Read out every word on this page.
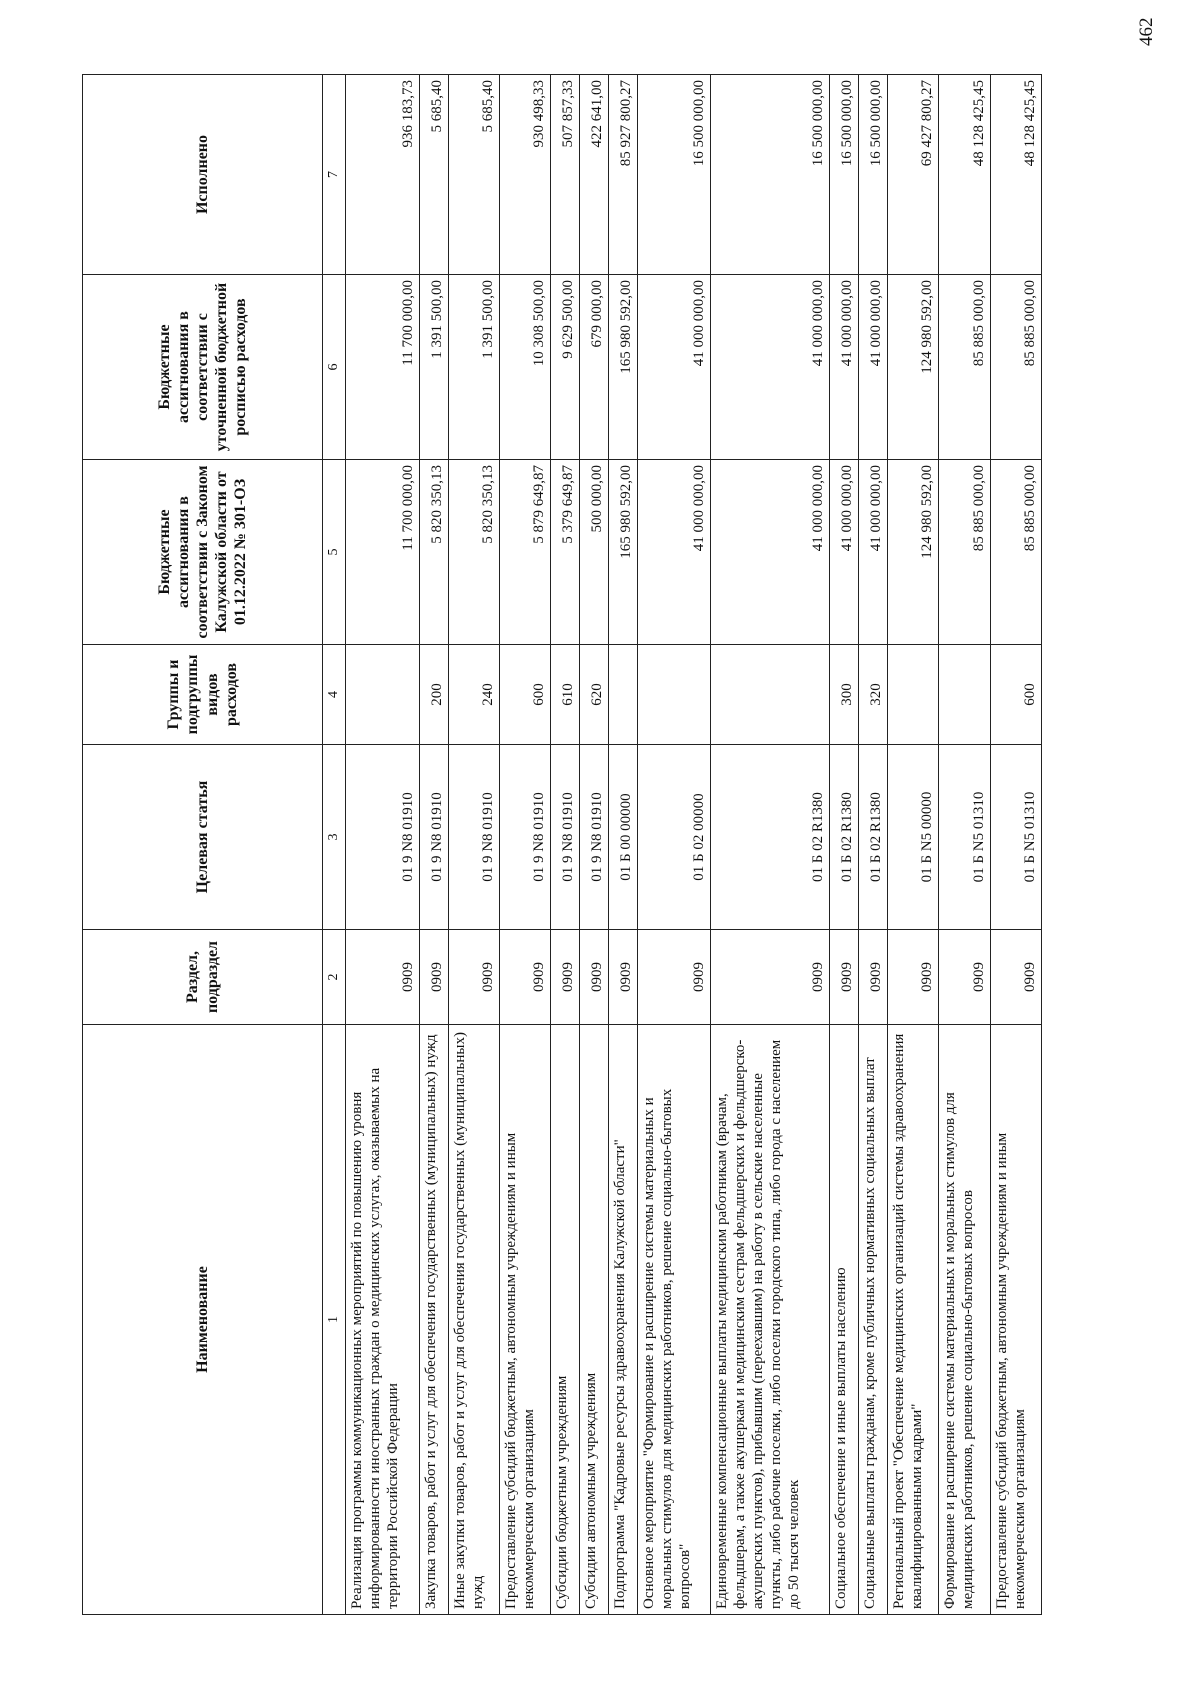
Наименование	Раздел, подраздел	Целевая статья	Группы и подгруппы видов расходов	Бюджетные ассигнования в соответствии с Законом Калужской области от 01.12.2022 № 301-ОЗ	Бюджетные ассигнования в соответствии с уточненной бюджетной росписью расходов	Исполнено
1	2	3	4	5	6	7
Реализация программы коммуникационных мероприятий по повышению уровня информированности иностранных граждан о медицинских услугах, оказываемых на территории Российской Федерации	0909	01 9 N8 01910		11 700 000,00	11 700 000,00	936 183,73
Закупка товаров, работ и услуг для обеспечения государственных (муниципальных) нужд	0909	01 9 N8 01910	200	5 820 350,13	1 391 500,00	5 685,40
Иные закупки товаров, работ и услуг для обеспечения государственных (муниципальных) нужд	0909	01 9 N8 01910	240	5 820 350,13	1 391 500,00	5 685,40
Предоставление субсидий бюджетным, автономным учреждениям и иным некоммерческим организациям	0909	01 9 N8 01910	600	5 879 649,87	10 308 500,00	930 498,33
Субсидии бюджетным учреждениям	0909	01 9 N8 01910	610	5 379 649,87	9 629 500,00	507 857,33
Субсидии автономным учреждениям	0909	01 9 N8 01910	620	500 000,00	679 000,00	422 641,00
Подпрограмма "Кадровые ресурсы здравоохранения Калужской области"	0909	01 Б 00 00000		165 980 592,00	165 980 592,00	85 927 800,27
Основное мероприятие "Формирование и расширение системы материальных и моральных стимулов для медицинских работников, решение социально-бытовых вопросов"	0909	01 Б 02 00000		41 000 000,00	41 000 000,00	16 500 000,00
Единовременные компенсационные выплаты медицинским работникам (врачам, фельдшерам, а также акушеркам и медицинским сестрам фельдшерских и фельдшерско-акушерских пунктов), прибывшим (переехавшим) на работу в сельские населенные пункты, либо рабочие поселки, либо поселки городского типа, либо города с населением до 50 тысяч человек	0909	01 Б 02 R1380		41 000 000,00	41 000 000,00	16 500 000,00
Социальное обеспечение и иные выплаты населению	0909	01 Б 02 R1380	300	41 000 000,00	41 000 000,00	16 500 000,00
Социальные выплаты гражданам, кроме публичных нормативных социальных выплат	0909	01 Б 02 R1380	320	41 000 000,00	41 000 000,00	16 500 000,00
Региональный проект "Обеспечение медицинских организаций системы здравоохранения квалифицированными кадрами"	0909	01 Б N5 00000		124 980 592,00	124 980 592,00	69 427 800,27
Формирование и расширение системы материальных и моральных стимулов для медицинских работников, решение социально-бытовых вопросов	0909	01 Б N5 01310		85 885 000,00	85 885 000,00	48 128 425,45
Предоставление субсидий бюджетным, автономным учреждениям и иным некоммерческим организациям	0909	01 Б N5 01310	600	85 885 000,00	85 885 000,00	48 128 425,45
462
